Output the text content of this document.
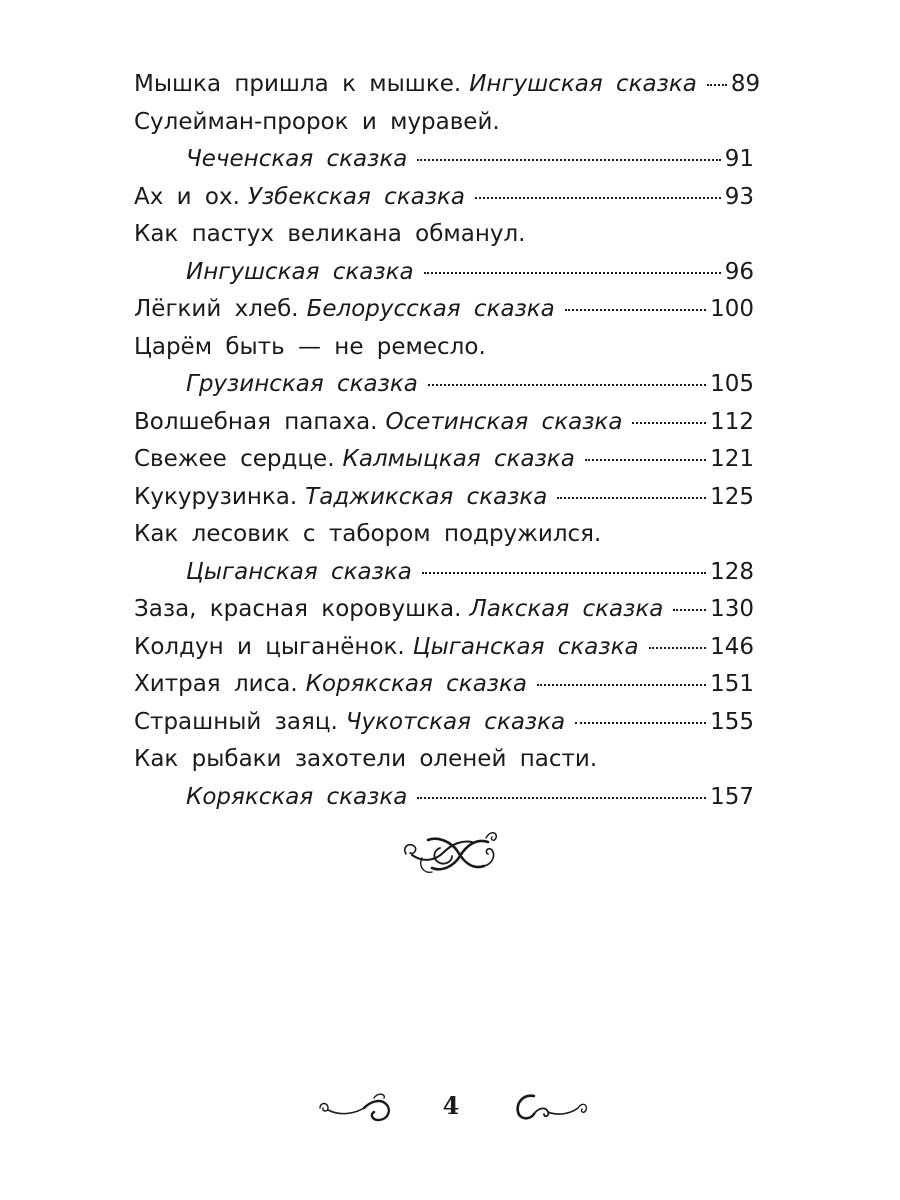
Мышка пришла к мышке. Ингушская сказка 89
Сулейман-пророк и муравей.
Чеченская сказка	91
Ах и ох. Узбекская сказка	93
Как пастух великана обманул.
Ингушская сказка	96
Лёгкий хлеб. Белорусская сказка	100
Царём быть — не ремесло.
Грузинская сказка	105
Волшебная папаха. Осетинская сказка	112
Свежее сердце. Калмыцкая сказка	121
Кукурузинка. Таджикская сказка	125
Как лесовик с табором подружился.
Цыганская сказка	128
Заза, красная коровушка. Лакская сказка 130
Колдун и цыганёнок. Цыганская сказка	146
Хитрая лиса. Корякская сказка	151
Страшный заяц. Чукотская сказка	155
Как рыбаки захотели оленей пасти.
Корякская сказка	157
4
